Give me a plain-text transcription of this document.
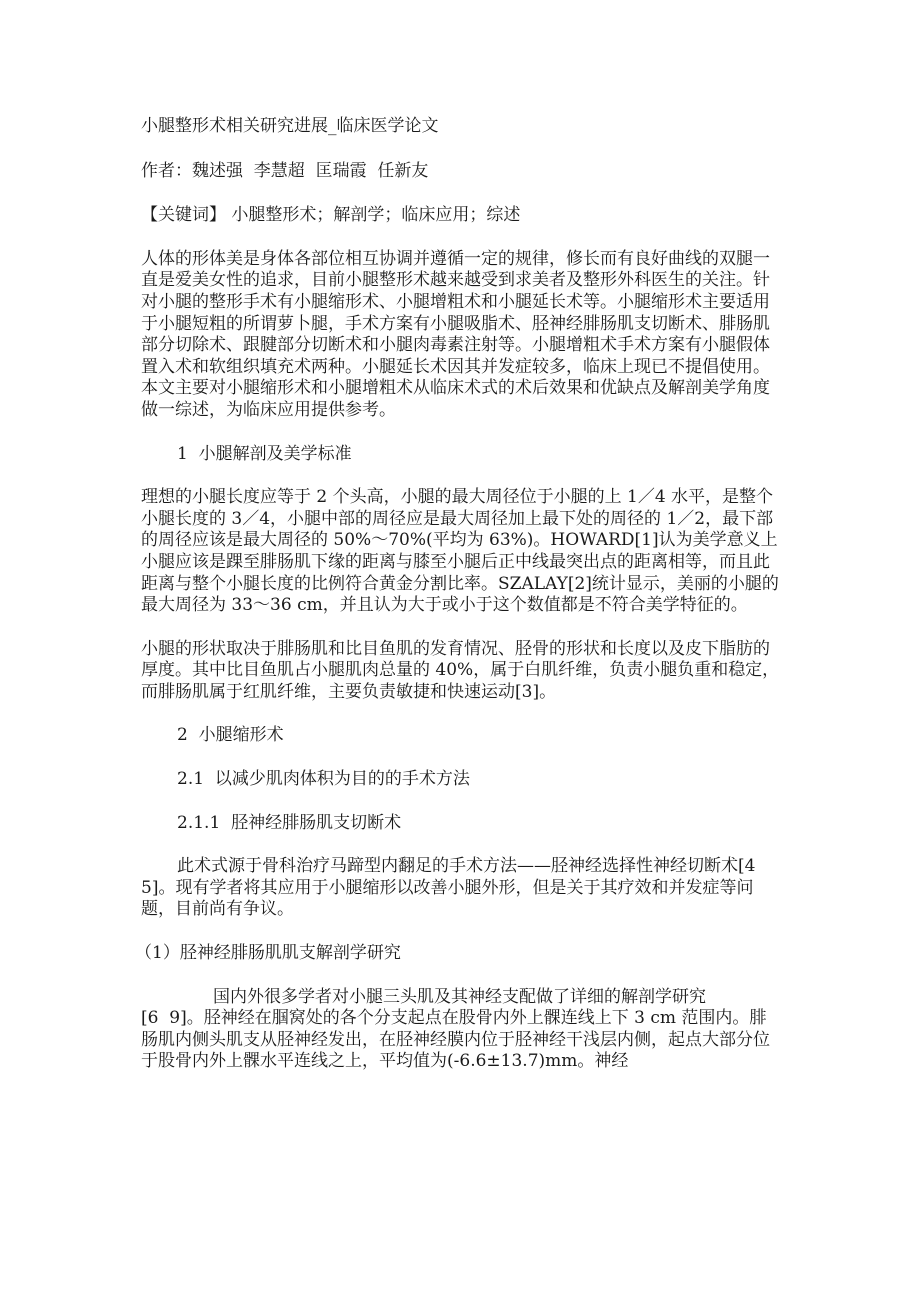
小腿整形术相关研究进展_临床医学论文

作者：魏述强  李慧超  匡瑞霞  任新友

【关键词】 小腿整形术；解剖学；临床应用；综述

人体的形体美是身体各部位相互协调并遵循一定的规律，修长而有良好曲线的双腿一直是爱美女性的追求，目前小腿整形术越来越受到求美者及整形外科医生的关注。针对小腿的整形手术有小腿缩形术、小腿增粗术和小腿延长术等。小腿缩形术主要适用于小腿短粗的所谓萝卜腿，手术方案有小腿吸脂术、胫神经腓肠肌支切断术、腓肠肌部分切除术、跟腱部分切断术和小腿肉毒素注射等。小腿增粗术手术方案有小腿假体置入术和软组织填充术两种。小腿延长术因其并发症较多，临床上现已不提倡使用。本文主要对小腿缩形术和小腿增粗术从临床术式的术后效果和优缺点及解剖美学角度做一综述，为临床应用提供参考。

1  小腿解剖及美学标准

理想的小腿长度应等于 2 个头高，小腿的最大周径位于小腿的上 1／4 水平，是整个小腿长度的 3／4，小腿中部的周径应是最大周径加上最下处的周径的 1／2，最下部的周径应该是最大周径的 50%～70%(平均为 63%)。HOWARD[1]认为美学意义上小腿应该是踝至腓肠肌下缘的距离与膝至小腿后正中线最突出点的距离相等，而且此距离与整个小腿长度的比例符合黄金分割比率。SZALAY[2]统计显示，美丽的小腿的最大周径为 33～36 cm，并且认为大于或小于这个数值都是不符合美学特征的。

小腿的形状取决于腓肠肌和比目鱼肌的发育情况、胫骨的形状和长度以及皮下脂肪的厚度。其中比目鱼肌占小腿肌肉总量的 40%，属于白肌纤维，负责小腿负重和稳定，而腓肠肌属于红肌纤维，主要负责敏捷和快速运动[3]。

2  小腿缩形术

2.1  以减少肌肉体积为目的的手术方法

2.1.1  胫神经腓肠肌支切断术

此术式源于骨科治疗马蹄型内翻足的手术方法——胫神经选择性神经切断术[4 5]。现有学者将其应用于小腿缩形以改善小腿外形，但是关于其疗效和并发症等问题，目前尚有争议。

（1）胫神经腓肠肌肌支解剖学研究

国内外很多学者对小腿三头肌及其神经支配做了详细的解剖学研究
[6  9]。胫神经在腘窝处的各个分支起点在股骨内外上髁连线上下 3 cm 范围内。腓肠肌内侧头肌支从胫神经发出，在胫神经膜内位于胫神经干浅层内侧，起点大部分位于股骨内外上髁水平连线之上，平均值为(-6.6±13.7)mm。神经
